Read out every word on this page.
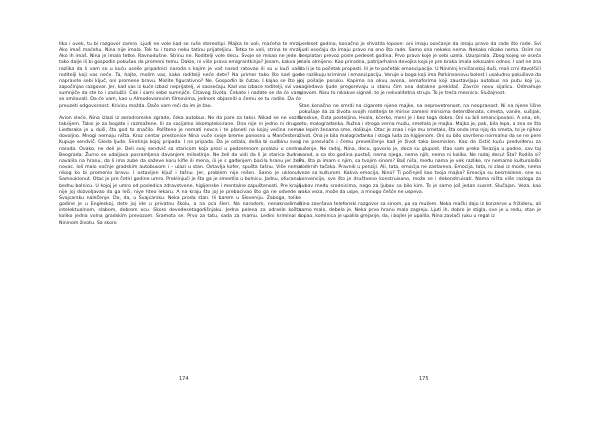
Ilka i uvek, tu bi razgovor zamro. Ljudi ne vole kad se ruše stereotipi. Majka te voli, maćeha te mrzi. Ako imaš maćehu. Nina nije imala. Tek tu i tamo neku tatinu prijateljicu. Tetka te voli, strina te mrzi. Ako ih imaš. Nina je imala tetke. Ravnodušne. Strinu ne. Roditelji vole decu. Svoje se misao ne jede. I tako dalje ili bi gospođin pokušao da promeni temu. Dakle, ni više prava emigrantkinja? Jesam, kakva je razlika da li vam se u kuću useše pripadnici naroda s kojim je vaš narod ratovao ili su u kući vaši roditelji koji vas neće. Ta, hajte, molim vas, kako roditelji neće dete? Na primer tako što kad god napravite sebi ključ, oni promene bravu. Mislite figurativno? Ne. Gospođin bi ćutao. I kajao se što je započinjao razgovor. Jer, kad vas iz kuće izbaci neprijatelj, vi saosećaju. Kad vas izbace roditelji, svi vas sumnjiče da ste to i zaslužili. Čak i sami sebe sumnjiče. Čitavog života. Čekate i nadate se da će vam se smilovati. Da će vam, kao u Almodovarovim filmovima, jednom objasniti o čemu se tu radilo. Da će preuzeti odgovornost. Krivicu možda. Dače vam reći da im je žao.

Avion sleće. Nina izlazi iz aerodromske zgrade, čeka autobus. Ne da pare za taksi. Nikad se ne voziti taksijem. Taksi je za bogate i razmaženе. Ili za socijalno iskompleksirane. Ona nije ni jedno ni drugo. Lieđaraka je u duši, što god to značilo. Polšteno je nemati novca i te planeti na kojoj većina nema dovoljno. Mnogi nemaju ništa. Kroz centar prestonice Nina vuče svoje breme ponosno u Mančestera. Kupuje sendvič. Gleda ljude. Sirotinja kojoj pripada. I ne pripada. Da je ostala, delila bi sudbinu svog naroda. Ovako, ne deli je. Deli svoj sendvič sa staricom koja prosi u podzemnom prolazu u centru Beograda. Žurno se udaljava posramljena davanjem milostinje. Ne želi da vidi da li je starica žudno navalila na hranu, da li ima zube da saževе koru kifle ili mena, ili je s gađenjem bacila hranu jer želi novac. Ioli malo voćnje gradskim autobusom i – ulazi u stan. Ostavlja kofer, spušta tašnu. Više nema nikog ko bi promenio bravu. I ostavljen ključ i tašnu. Jer, problem nije rešen. Samo je uklonut. Samouklonut. Otac je pre četiri godine umro. Proklinjući je što ga je smestila u bolnicu. Jadnu, ofucanu, bednu bolnicu. U kojoj je umro od posledica zdravstvene, higijenske i mentalne zapuštenosti. Pre kraja nije joj dozvoljavao da ga leči, niye hteo lekaru. A na kraju što joj je prebacivao što ga ne odvede u Švajcarsku naleč̌enje. Da, da, u Švajcarsku. Neka proda stan. Ili barem u Sloveniju. Zaboga, tolike godine je u Engleskoj, dete joj ide u privatnu školu, a na oca šleri. Na narodom, nenaknadimo, intelektualnom, slabom, dobrom ocu. Skoro devedesetogodišnjaku. Jedna pelena za odrasle košta koliko jedna volna gradskim prevozom. Sramota se. Prvo za tatu, sada za mamu. Ledini kriminal u Nininom životu. Sa skoro

174

pedeset godina, konačno je shvatila lopove: oni imaju osećanje da imaju pravo da rade što rade. Svi ljudi osećaju da imaju pravo na ono što rade. Samo ona nekeko nema. Nekako nikako nema. Osim na besplatan prevoz posle pedeset godina. Prvo prava koje je sebi uzela. Uzurpirala. Zbog kojeg se oseća malo olmijeno. Kao prirodna, patrijarhalna devojka koja je pre braka imala seksualni odnos. I sad ne zna da li je to početak propasti. Ili je to početak emancipacije. U Ninininj krvičanskoj duši, mali crni đavolčići ne razlikuju kriminal i emancipaciju. Veruje u boga koji ima Parkinsonovu bolest i usaludno pokušava da joj pošalje poruku. Kapima na okvu avona, semaforima koji zaustavljaju autobus na putu koji ju, sagledava ljude pregorevaju u stanu čim ona dotakne prekidač. Zavrće novu sijalicu. Odmahuje glavom. Nisu to nikakve signali, to je nekvalitetna struja. To je treća mesnica. Služajnost.

Stan konačno ne smrdi na cigarete njene majke, na neprovetrenost, na neopranost. Ni na njene lične pokušaje da za života svojih roditelja te mirise zameni mirisima deterdženata, cimeta, vanile, sušijak, breskve, čista posteljina. Hvala, kćerko, meni je i bez toga dobro. Oni su bili emancipovani. A ona, eh, eto, malograđanka. Ružna i stroga verna mužu, smetala je majka. Majka je, pak, bila lepa, a zna se šta se lepim ženama sme, dolikuje. Otac je znao i nije mu smetalo, šta onda ima njoj da smeta, to je njihov život. Ona je bila malograđanka i stoga luda za higijenom. Oni su bilo savršeno normalno da se ne pere i ne presvlače i čemu preveličenje kad je život tako besmislen. Kao da čistić kuću predviđenu za rušenje. Ne radaj, Nina, decu, govorio je, deca su glupost. Išao sam preko Terazija u podne, sav taj narod, a sa sto godina pustoš, nema njega, nema njih, nema ni koliko. Ne radaj decu! Šta? Rodila sі? Pa, šta ja imam s njim, sa tvojim sinom? Baš niša, među nama je vek razlike, mi nemamo kulturološki dodirnih tačaka. Pravnik u penziji. Ali, tata, emocija ne zastareva. Emocija, tata, ni zlasi iz mode, nema veze sa kulturom. Kakva emocija, Nino? Ti počinješ kao tvoja majka? Emocija su besmislene, one su konvencija, sve što je društveno konstruisano, može se i dekonstruisati. Nama ništa više razloga za ljubav među srodnicima, nego za ljubav sa bilo kim. To je samo još jedan susret. Slučajan. Veza, kao vaka veza, može da uspe, a mnogo češće ne uspeva.

Nina završava telefonski razgovor sa sinom, pa sa mužem. Neka mački daju iz konzerve u frižideru, ali samo malo, debela je. Neka prvo hranu malo zagreju. Ljuti ih, dobro je stigla, sve je u redu, stan je topao, kominica je upalila grejanje, da, i bojler je upalila. Nina zavlači ruku u regal iz

175
